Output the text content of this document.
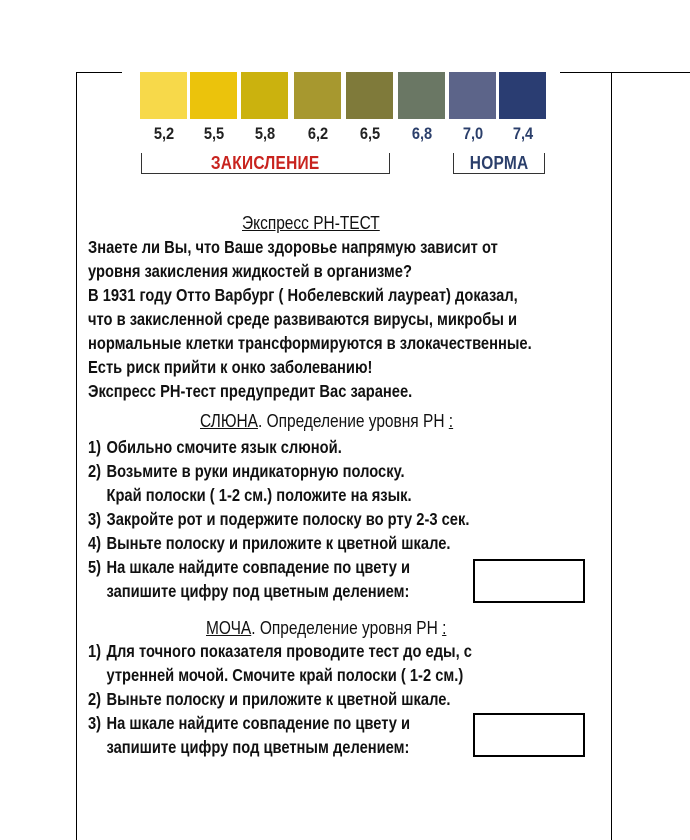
5,2	5,5	5,8	6,2	6,5	6,8	7,0	7,4
ЗАКИСЛЕНИЕ	НОРМА
Экспресс РН-ТЕСТ
Знаете ли Вы, что Ваше здоровье напрямую зависит от
уровня закисления жидкостей в организме?
В 1931 году Отто Варбург ( Нобелевский лауреат) доказал,
что в закисленной среде развиваются вирусы, микробы и
нормальные клетки трансформируются в злокачественные.
Есть риск прийти к онко заболеванию!
Экспресс РН-тест предупредит Вас заранее.
СЛЮНА. Определение уровня РН :
1) Обильно смочите язык слюной.
2) Возьмите в руки индикаторную полоску.
Край полоски ( 1-2 см.) положите на язык.
3) Закройте рот и подержите полоску во рту 2-3 сек.
4) Выньте полоску и приложите к цветной шкале.
5) На шкале найдите совпадение по цвету и
запишите цифру под цветным делением:
МОЧА. Определение уровня РН :
1) Для точного показателя проводите тест до еды, с
утренней мочой. Смочите край полоски ( 1-2 см.)
2) Выньте полоску и приложите к цветной шкале.
3) На шкале найдите совпадение по цвету и
запишите цифру под цветным делением:
